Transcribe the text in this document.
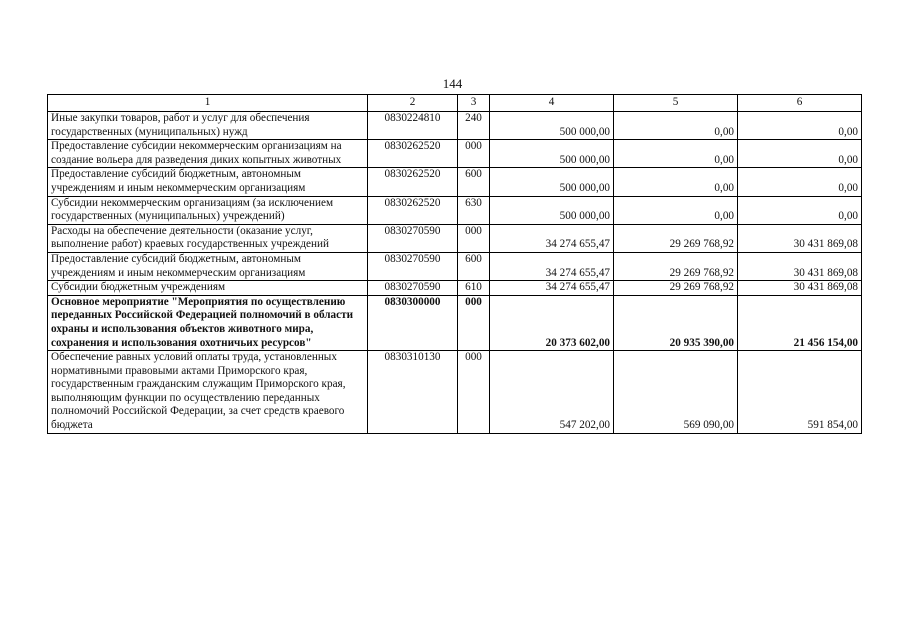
144
1	2	3	4	5	6
Иные закупки товаров, работ и услуг для обеспечения государственных (муниципальных) нужд	0830224810	240	500 000,00	0,00	0,00
Предоставление субсидии некоммерческим организациям на создание вольера для разведения диких копытных животных	0830262520	000	500 000,00	0,00	0,00
Предоставление субсидий бюджетным, автономным учреждениям и иным некоммерческим организациям	0830262520	600	500 000,00	0,00	0,00
Субсидии некоммерческим организациям (за исключением государственных (муниципальных) учреждений)	0830262520	630	500 000,00	0,00	0,00
Расходы на обеспечение деятельности (оказание услуг, выполнение работ) краевых государственных учреждений	0830270590	000	34 274 655,47	29 269 768,92	30 431 869,08
Предоставление субсидий бюджетным, автономным учреждениям и иным некоммерческим организациям	0830270590	600	34 274 655,47	29 269 768,92	30 431 869,08
Субсидии бюджетным учреждениям	0830270590	610	34 274 655,47	29 269 768,92	30 431 869,08
Основное мероприятие "Мероприятия по осуществлению переданных Российской Федерацией полномочий в области охраны и использования объектов животного мира, сохранения и использования охотничьих ресурсов"	0830300000	000	20 373 602,00	20 935 390,00	21 456 154,00
Обеспечение равных условий оплаты труда, установленных нормативными правовыми актами Приморского края, государственным гражданским служащим Приморского края, выполняющим функции по осуществлению переданных полномочий Российской Федерации, за счет средств краевого бюджета	0830310130	000	547 202,00	569 090,00	591 854,00
